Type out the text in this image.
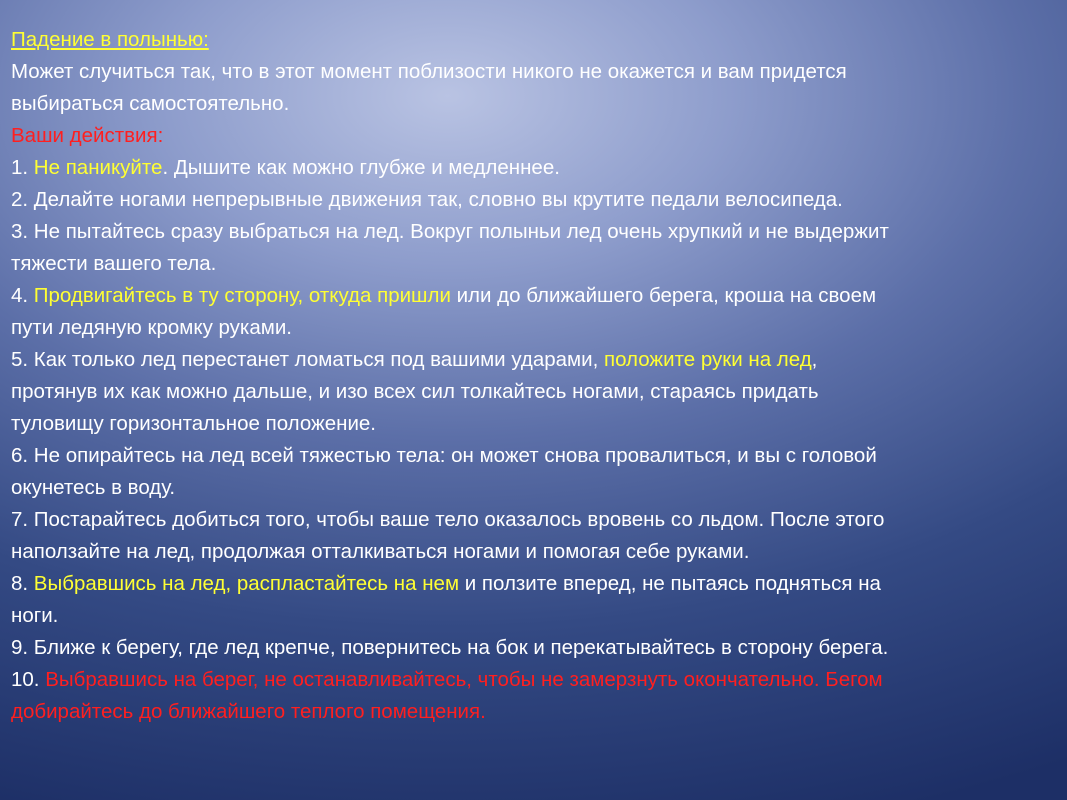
Падение в полынью:
Может случиться так, что в этот момент поблизости никого не окажется и вам придется
выбираться самостоятельно.
Ваши действия:
1. Не паникуйте. Дышите как можно глубже и медленнее.
2. Делайте ногами непрерывные движения так, словно вы крутите педали велосипеда.
3. Не пытайтесь сразу выбраться на лед. Вокруг полыньи лед очень хрупкий и не выдержит
тяжести вашего тела.
4. Продвигайтесь в ту сторону, откуда пришли или до ближайшего берега, кроша на своем
пути ледяную кромку руками.
5. Как только лед перестанет ломаться под вашими ударами, положите руки на лед,
протянув их как можно дальше, и изо всех сил толкайтесь ногами, стараясь придать
туловищу горизонтальное положение.
6. Не опирайтесь на лед всей тяжестью тела: он может снова провалиться, и вы с головой
окунетесь в воду.
7. Постарайтесь добиться того, чтобы ваше тело оказалось вровень со льдом. После этого
наползайте на лед, продолжая отталкиваться ногами и помогая себе руками.
8. Выбравшись на лед, распластайтесь на нем и ползите вперед, не пытаясь подняться на
ноги.
9. Ближе к берегу, где лед крепче, повернитесь на бок и перекатывайтесь в сторону берега.
10. Выбравшись на берег, не останавливайтесь, чтобы не замерзнуть окончательно. Бегом
добирайтесь до ближайшего теплого помещения.
